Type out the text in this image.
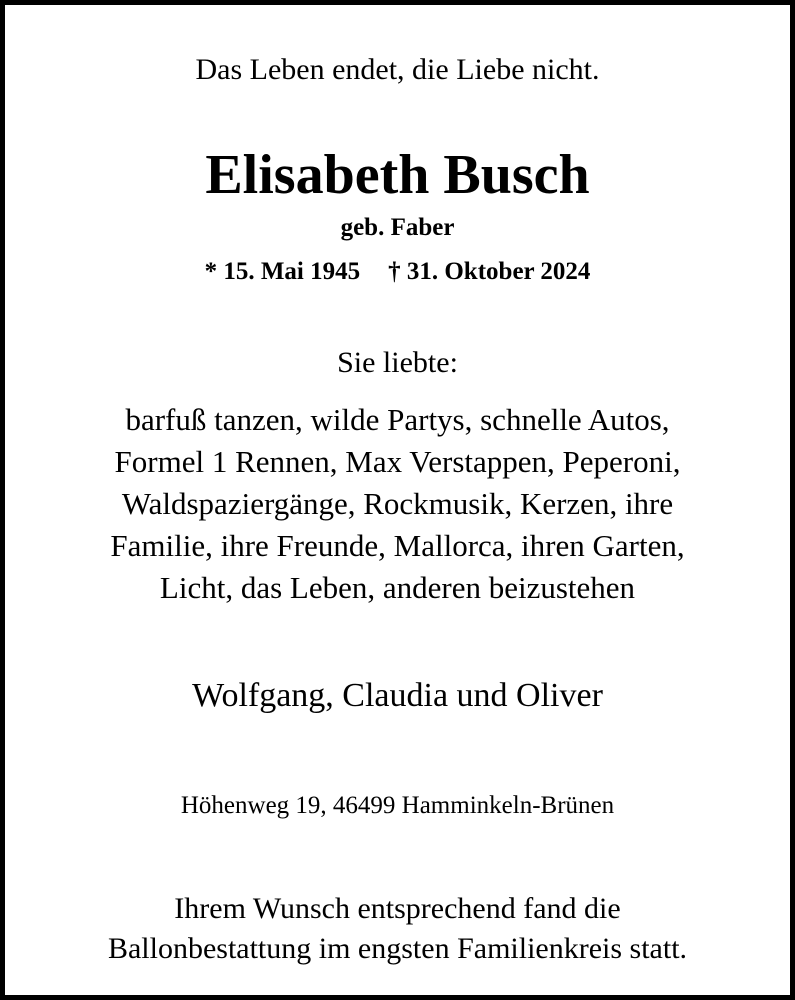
Das Leben endet, die Liebe nicht.
Elisabeth Busch
geb. Faber
* 15. Mai 1945 † 31. Oktober 2024
Sie liebte:
barfuß tanzen, wilde Partys, schnelle Autos,
Formel 1 Rennen, Max Verstappen, Peperoni,
Waldspaziergänge, Rockmusik, Kerzen, ihre
Familie, ihre Freunde, Mallorca, ihren Garten,
Licht, das Leben, anderen beizustehen
Wolfgang, Claudia und Oliver
Höhenweg 19, 46499 Hamminkeln-Brünen
Ihrem Wunsch entsprechend fand die
Ballonbestattung im engsten Familienkreis statt.
